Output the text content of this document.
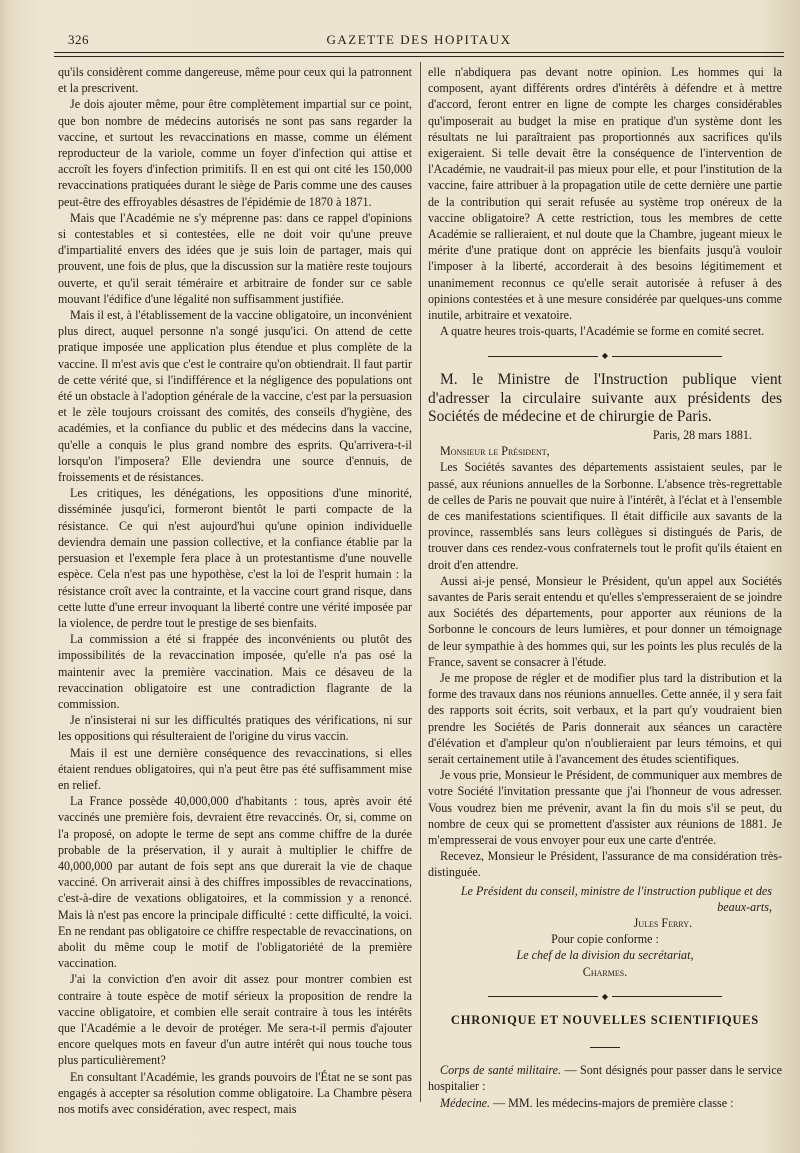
326	GAZETTE DES HOPITAUX

qu'ils considèrent comme dangereuse, même pour ceux qui la patronnent et la prescrivent.

Je dois ajouter même, pour être complètement impartial sur ce point, que bon nombre de médecins autorisés ne sont pas sans regarder la vaccine, et surtout les revaccinations en masse, comme un élément reproducteur de la variole, comme un foyer d'infection qui attise et accroît les foyers d'infection primitifs. Il en est qui ont cité les 150,000 revaccinations pratiquées durant le siège de Paris comme une des causes peut-être des effroyables désastres de l'épidémie de 1870 à 1871.

Mais que l'Académie ne s'y méprenne pas: dans ce rappel d'opinions si contestables et si contestées, elle ne doit voir qu'une preuve d'impartialité envers des idées que je suis loin de partager, mais qui prouvent, une fois de plus, que la discussion sur la matière reste toujours ouverte, et qu'il serait téméraire et arbitraire de fonder sur ce sable mouvant l'édifice d'une légalité non suffisamment justifiée.

Mais il est, à l'établissement de la vaccine obligatoire, un inconvénient plus direct, auquel personne n'a songé jusqu'ici. On attend de cette pratique imposée une application plus étendue et plus complète de la vaccine. Il m'est avis que c'est le contraire qu'on obtiendrait. Il faut partir de cette vérité que, si l'indifférence et la négligence des populations ont été un obstacle à l'adoption générale de la vaccine, c'est par la persuasion et le zèle toujours croissant des comités, des conseils d'hygiène, des académies, et la confiance du public et des médecins dans la vaccine, qu'elle a conquis le plus grand nombre des esprits. Qu'arrivera-t-il lorsqu'on l'imposera? Elle deviendra une source d'ennuis, de froissements et de résistances.

Les critiques, les dénégations, les oppositions d'une minorité, disséminée jusqu'ici, formeront bientôt le parti compacte de la résistance. Ce qui n'est aujourd'hui qu'une opinion individuelle deviendra demain une passion collective, et la confiance établie par la persuasion et l'exemple fera place à un protestantisme d'une nouvelle espèce. Cela n'est pas une hypothèse, c'est la loi de l'esprit humain : la résistance croît avec la contrainte, et la vaccine court grand risque, dans cette lutte d'une erreur invoquant la liberté contre une vérité imposée par la violence, de perdre tout le prestige de ses bienfaits.

La commission a été si frappée des inconvénients ou plutôt des impossibilités de la revaccination imposée, qu'elle n'a pas osé la maintenir avec la première vaccination. Mais ce désaveu de la revaccination obligatoire est une contradiction flagrante de la commission.

Je n'insisterai ni sur les difficultés pratiques des vérifications, ni sur les oppositions qui résulteraient de l'origine du virus vaccin.

Mais il est une dernière conséquence des revaccinations, si elles étaient rendues obligatoires, qui n'a peut être pas été suffisamment mise en relief.

La France possède 40,000,000 d'habitants : tous, après avoir été vaccinés une première fois, devraient être revaccinés. Or, si, comme on l'a proposé, on adopte le terme de sept ans comme chiffre de la durée probable de la préservation, il y aurait à multiplier le chiffre de 40,000,000 par autant de fois sept ans que durerait la vie de chaque vacciné. On arriverait ainsi à des chiffres impossibles de revaccinations, c'est-à-dire de vexations obligatoires, et la commission y a renoncé. Mais là n'est pas encore la principale difficulté : cette difficulté, la voici. En ne rendant pas obligatoire ce chiffre respectable de revaccinations, on abolit du même coup le motif de l'obligatoriété de la première vaccination.

J'ai la conviction d'en avoir dit assez pour montrer combien est contraire à toute espèce de motif sérieux la proposition de rendre la vaccine obligatoire, et combien elle serait contraire à tous les intérêts que l'Académie a le devoir de protéger. Me sera-t-il permis d'ajouter encore quelques mots en faveur d'un autre intérêt qui nous touche tous plus particulièrement?

En consultant l'Académie, les grands pouvoirs de l'État ne se sont pas engagés à accepter sa résolution comme obligatoire. La Chambre pèsera nos motifs avec considération, avec respect, mais

elle n'abdiquera pas devant notre opinion. Les hommes qui la composent, ayant différents ordres d'intérêts à défendre et à mettre d'accord, feront entrer en ligne de compte les charges considérables qu'imposerait au budget la mise en pratique d'un système dont les résultats ne lui paraîtraient pas proportionnés aux sacrifices qu'ils exigeraient. Si telle devait être la conséquence de l'intervention de l'Académie, ne vaudrait-il pas mieux pour elle, et pour l'institution de la vaccine, faire attribuer à la propagation utile de cette dernière une partie de la contribution qui serait refusée au système trop onéreux de la vaccine obligatoire? A cette restriction, tous les membres de cette Académie se rallieraient, et nul doute que la Chambre, jugeant mieux le mérite d'une pratique dont on apprécie les bienfaits jusqu'à vouloir l'imposer à la liberté, accorderait à des besoins légitimement et unanimement reconnus ce qu'elle serait autorisée à refuser à des opinions contestées et à une mesure considérée par quelques-uns comme inutile, arbitraire et vexatoire.

A quatre heures trois-quarts, l'Académie se forme en comité secret.

◆

M. le Ministre de l'Instruction publique vient d'adresser la circulaire suivante aux présidents des Sociétés de médecine et de chirurgie de Paris.

Paris, 28 mars 1881.

Monsieur le Président,

Les Sociétés savantes des départements assistaient seules, par le passé, aux réunions annuelles de la Sorbonne. L'absence très-regrettable de celles de Paris ne pouvait que nuire à l'intérêt, à l'éclat et à l'ensemble de ces manifestations scientifiques. Il était difficile aux savants de la province, rassemblés sans leurs collègues si distingués de Paris, de trouver dans ces rendez-vous confraternels tout le profit qu'ils étaient en droit d'en attendre.

Aussi ai-je pensé, Monsieur le Président, qu'un appel aux Sociétés savantes de Paris serait entendu et qu'elles s'empresseraient de se joindre aux Sociétés des départements, pour apporter aux réunions de la Sorbonne le concours de leurs lumières, et pour donner un témoignage de leur sympathie à des hommes qui, sur les points les plus reculés de la France, savent se consacrer à l'étude.

Je me propose de régler et de modifier plus tard la distribution et la forme des travaux dans nos réunions annuelles. Cette année, il y sera fait des rapports soit écrits, soit verbaux, et la part qu'y voudraient bien prendre les Sociétés de Paris donnerait aux séances un caractère d'élévation et d'ampleur qu'on n'oublieraient par leurs témoins, et qui serait certainement utile à l'avancement des études scientifiques.

Je vous prie, Monsieur le Président, de communiquer aux membres de votre Société l'invitation pressante que j'ai l'honneur de vous adresser. Vous voudrez bien me prévenir, avant la fin du mois s'il se peut, du nombre de ceux qui se promettent d'assister aux réunions de 1881. Je m'empresserai de vous envoyer pour eux une carte d'entrée.

Recevez, Monsieur le Président, l'assurance de ma considération très-distinguée.

Le Président du conseil, ministre de l'instruction publique et des beaux-arts,

Jules Ferry.

Pour copie conforme :

Le chef de la division du secrétariat,

Charmes.

◆
CHRONIQUE ET NOUVELLES SCIENTIFIQUES

Corps de santé militaire. — Sont désignés pour passer dans le service hospitalier :

Médecine. — MM. les médecins-majors de première classe :
